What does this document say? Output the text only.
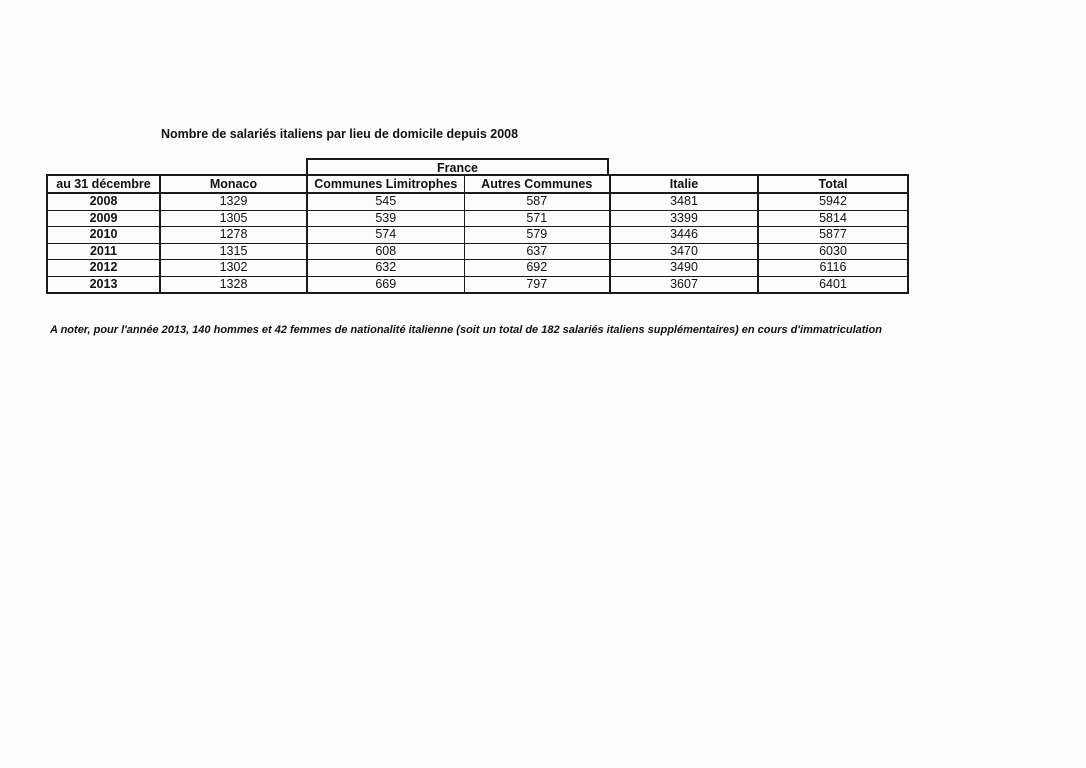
Nombre de salariés italiens par lieu de domicile depuis 2008
France
au 31 décembre	Monaco	Communes Limitrophes	Autres Communes	Italie	Total
2008	1329	545	587	3481	5942
2009	1305	539	571	3399	5814
2010	1278	574	579	3446	5877
2011	1315	608	637	3470	6030
2012	1302	632	692	3490	6116
2013	1328	669	797	3607	6401
A noter, pour l'année 2013, 140 hommes et 42 femmes de nationalité italienne (soit un total de 182 salariés italiens supplémentaires) en cours d'immatriculation
